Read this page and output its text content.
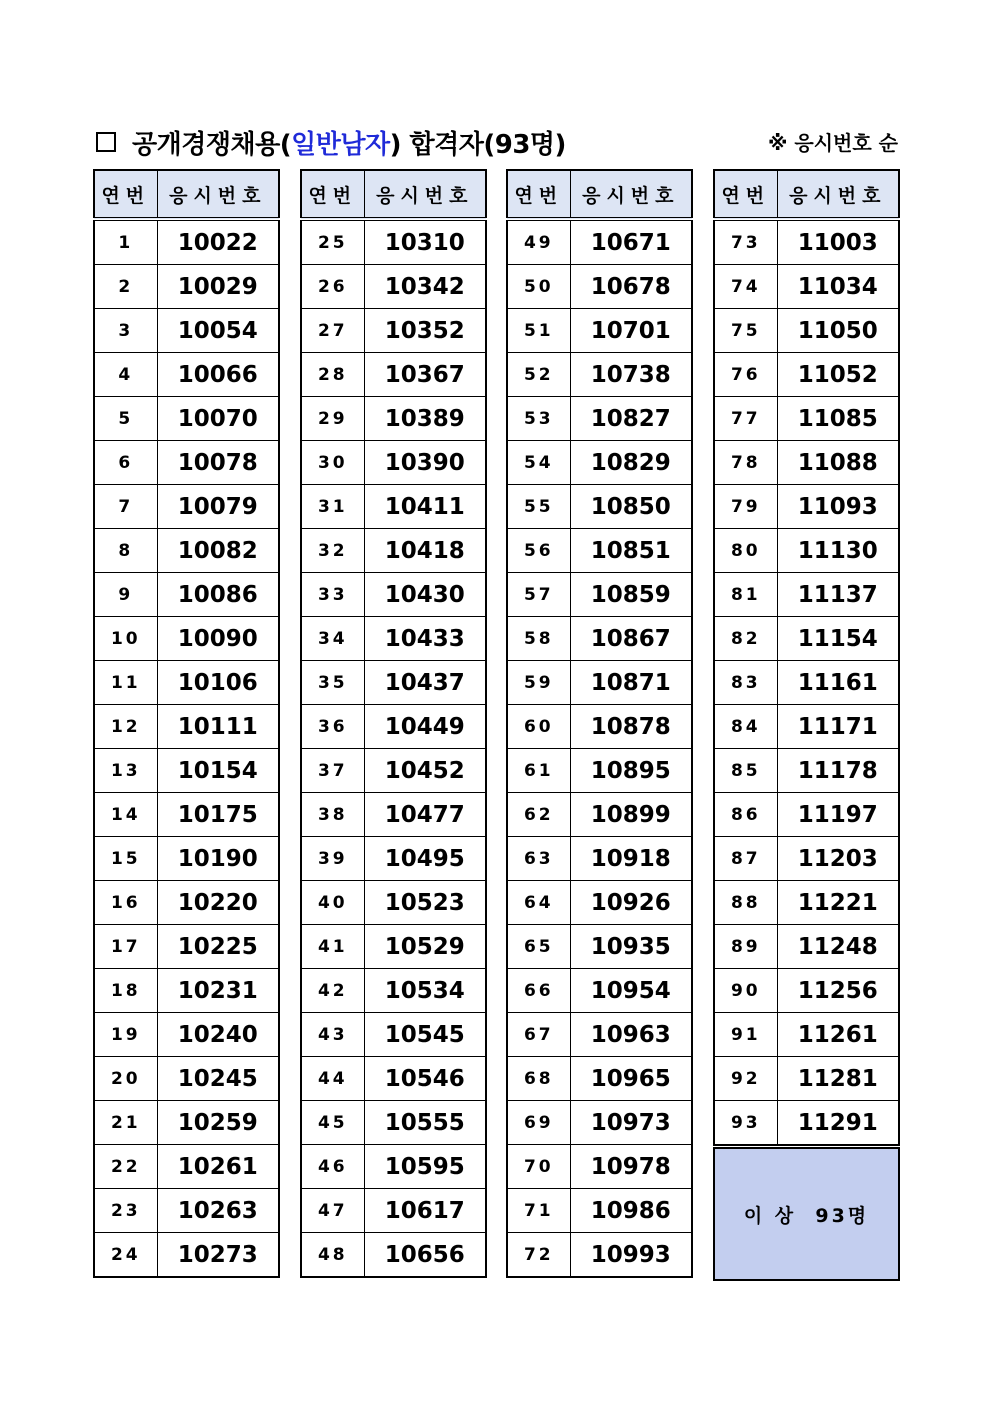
공개경쟁채용( 일반남자 ) 합격자(93명)	※ 응시번호 순
연번	응시번호
1	10022
2	10029
3	10054
4	10066
5	10070
6	10078
7	10079
8	10082
9	10086
10	10090
11	10106
12	10111
13	10154
14	10175
15	10190
16	10220
17	10225
18	10231
19	10240
20	10245
21	10259
22	10261
23	10263
24	10273
연번	응시번호
25	10310
26	10342
27	10352
28	10367
29	10389
30	10390
31	10411
32	10418
33	10430
34	10433
35	10437
36	10449
37	10452
38	10477
39	10495
40	10523
41	10529
42	10534
43	10545
44	10546
45	10555
46	10595
47	10617
48	10656
연번	응시번호
49	10671
50	10678
51	10701
52	10738
53	10827
54	10829
55	10850
56	10851
57	10859
58	10867
59	10871
60	10878
61	10895
62	10899
63	10918
64	10926
65	10935
66	10954
67	10963
68	10965
69	10973
70	10978
71	10986
72	10993
연번	응시번호
73	11003
74	11034
75	11050
76	11052
77	11085
78	11088
79	11093
80	11130
81	11137
82	11154
83	11161
84	11171
85	11178
86	11197
87	11203
88	11221
89	11248
90	11256
91	11261
92	11281
93	11291
이 상  93명
